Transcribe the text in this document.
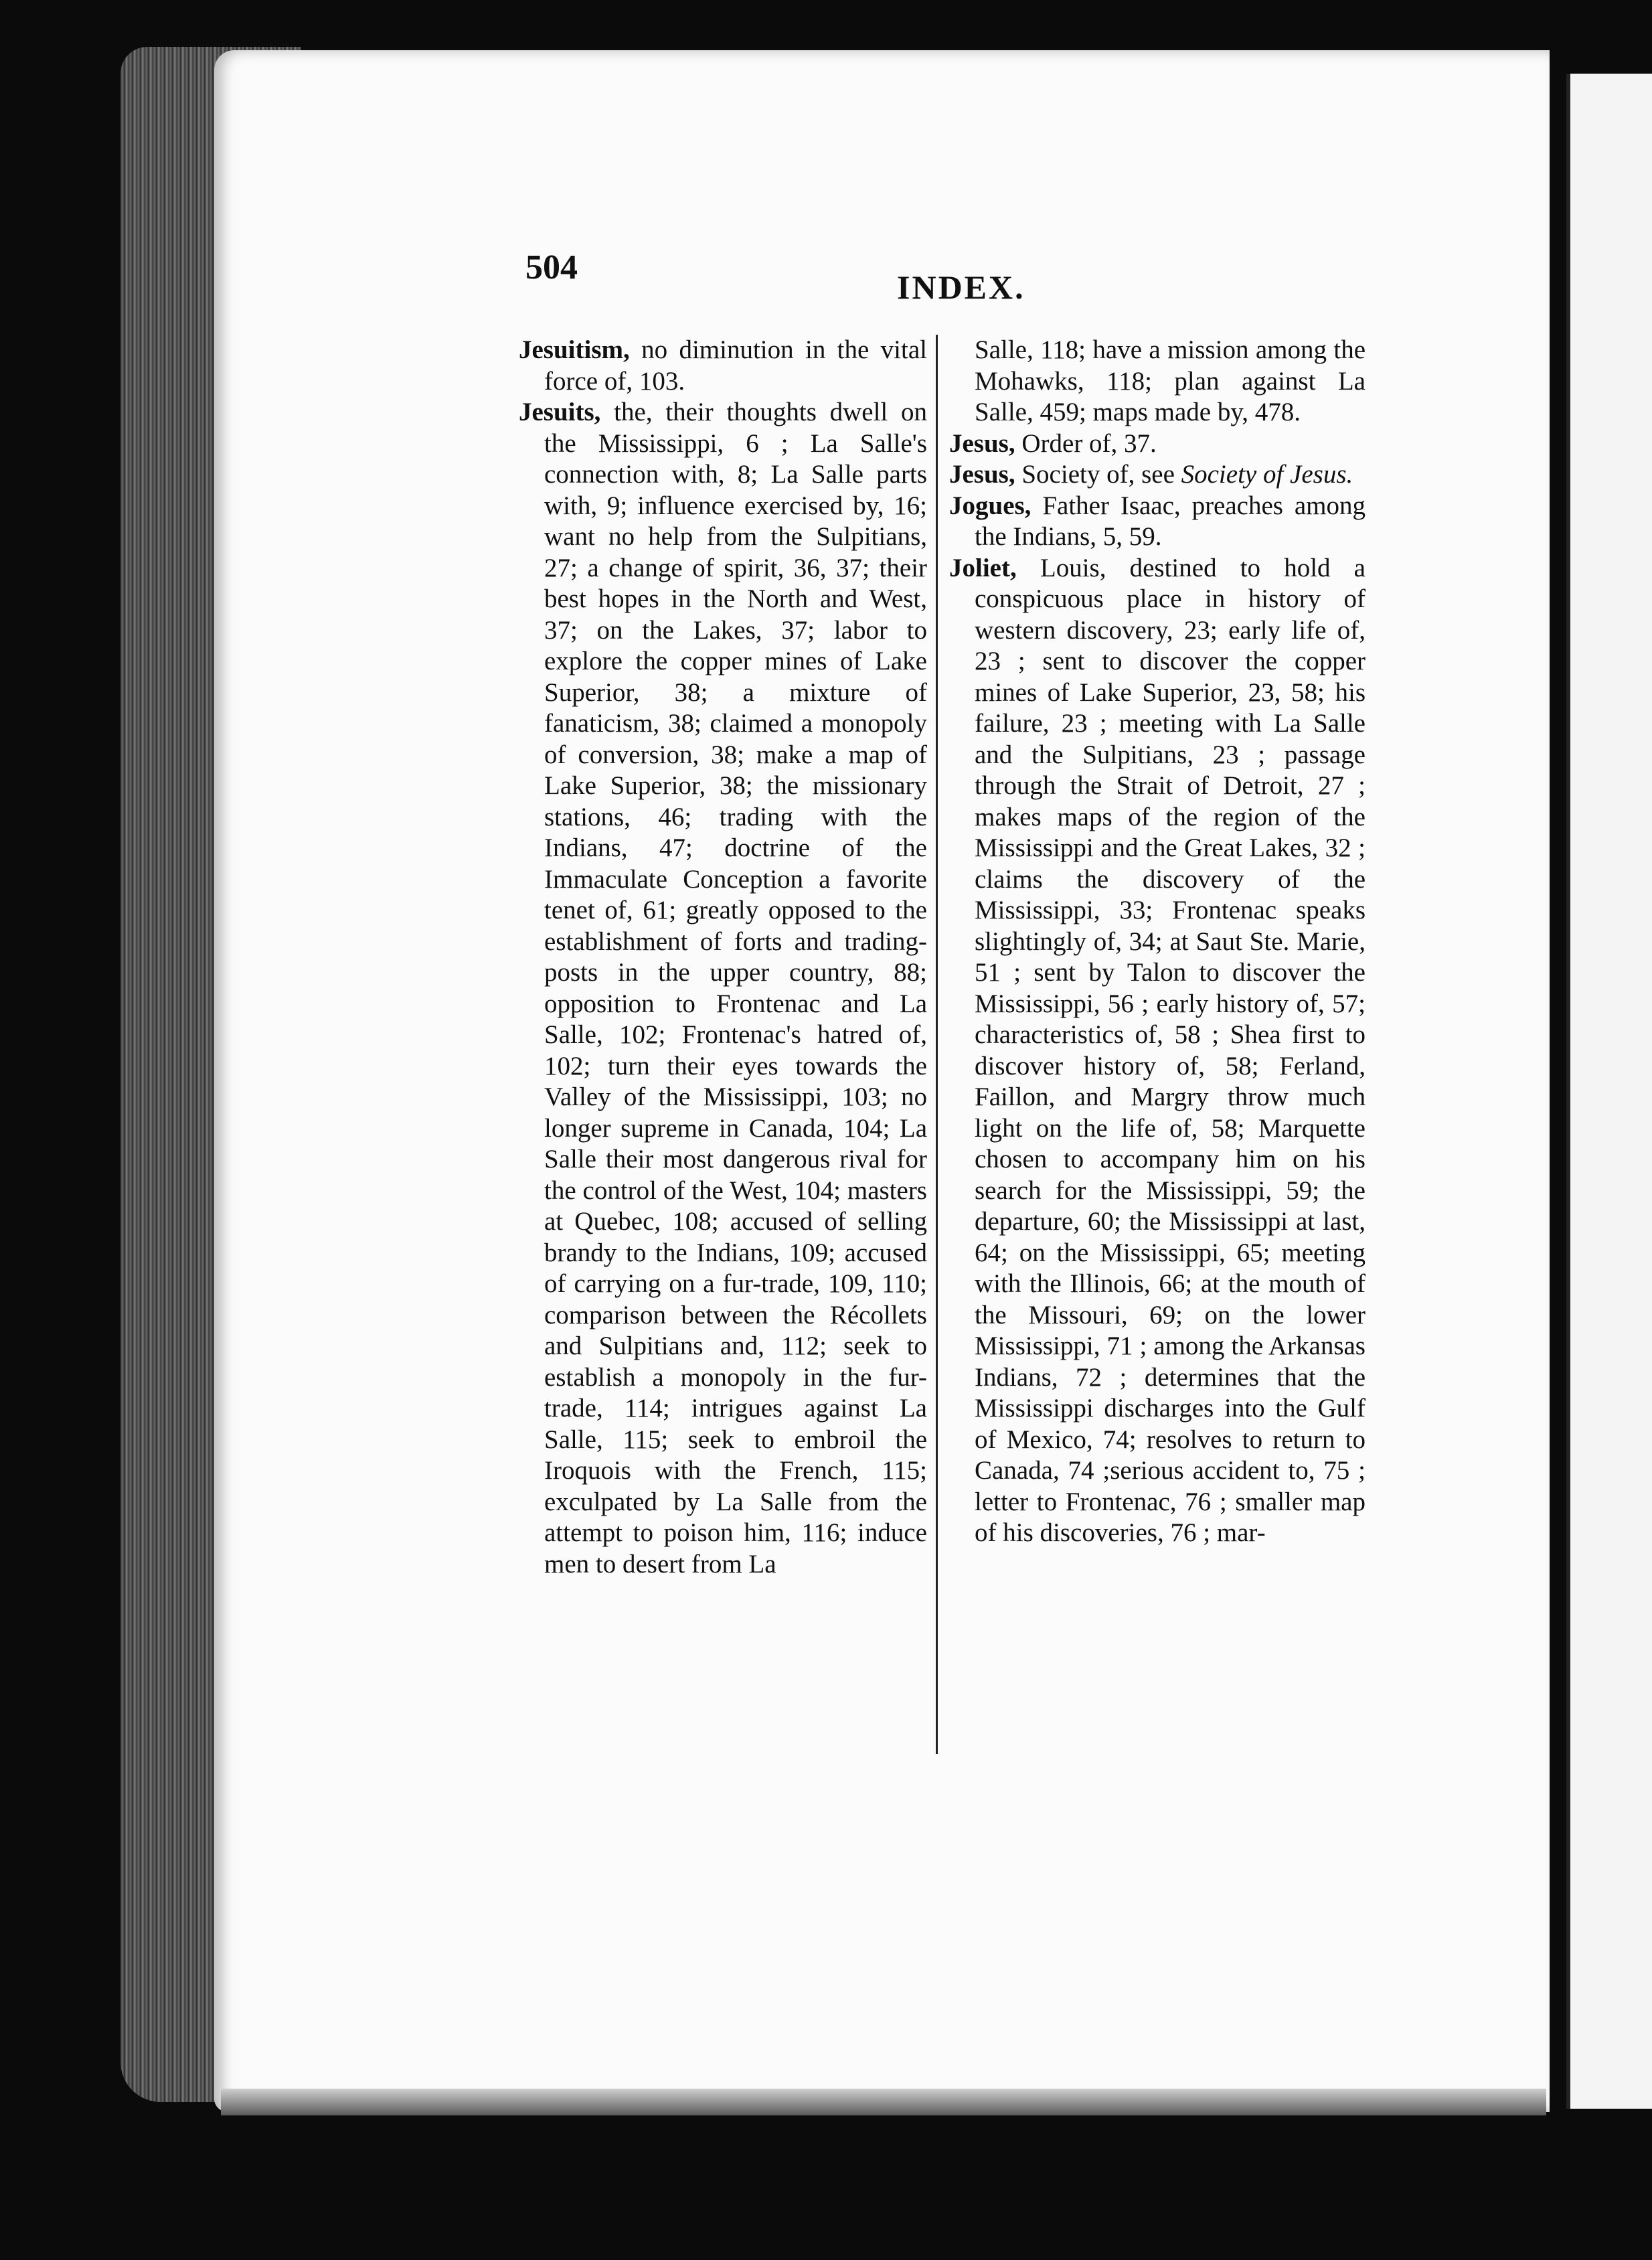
504
INDEX.

Jesuitism, no diminution in the vital force of, 103.

Jesuits, the, their thoughts dwell on the Mississippi, 6 ; La Salle's connection with, 8; La Salle parts with, 9; influence exercised by, 16; want no help from the Sulpitians, 27; a change of spirit, 36, 37; their best hopes in the North and West, 37; on the Lakes, 37; labor to explore the copper mines of Lake Superior, 38; a mixture of fanaticism, 38; claimed a monopoly of conversion, 38; make a map of Lake Superior, 38; the missionary stations, 46; trading with the Indians, 47; doctrine of the Immaculate Conception a favorite tenet of, 61; greatly opposed to the establishment of forts and trading-posts in the upper country, 88; opposition to Frontenac and La Salle, 102; Frontenac's hatred of, 102; turn their eyes towards the Valley of the Mississippi, 103; no longer supreme in Canada, 104; La Salle their most dangerous rival for the control of the West, 104; masters at Quebec, 108; accused of selling brandy to the Indians, 109; accused of carrying on a fur-trade, 109, 110; comparison between the Récollets and Sulpitians and, 112; seek to establish a monopoly in the fur-trade, 114; intrigues against La Salle, 115; seek to embroil the Iroquois with the French, 115; exculpated by La Salle from the attempt to poison him, 116; induce men to desert from La

Salle, 118; have a mission among the Mohawks, 118; plan against La Salle, 459; maps made by, 478.

Jesus, Order of, 37.

Jesus, Society of, see Society of Jesus.

Jogues, Father Isaac, preaches among the Indians, 5, 59.

Joliet, Louis, destined to hold a conspicuous place in history of western discovery, 23; early life of, 23 ; sent to discover the copper mines of Lake Superior, 23, 58; his failure, 23 ; meeting with La Salle and the Sulpitians, 23 ; passage through the Strait of Detroit, 27 ; makes maps of the region of the Mississippi and the Great Lakes, 32 ; claims the discovery of the Mississippi, 33; Frontenac speaks slightingly of, 34; at Saut Ste. Marie, 51 ; sent by Talon to discover the Mississippi, 56 ; early history of, 57; characteristics of, 58 ; Shea first to discover history of, 58; Ferland, Faillon, and Margry throw much light on the life of, 58; Marquette chosen to accompany him on his search for the Mississippi, 59; the departure, 60; the Mississippi at last, 64; on the Mississippi, 65; meeting with the Illinois, 66; at the mouth of the Missouri, 69; on the lower Mississippi, 71 ; among the Arkansas Indians, 72 ; determines that the Mississippi discharges into the Gulf of Mexico, 74; resolves to return to Canada, 74 ;serious accident to, 75 ; letter to Frontenac, 76 ; smaller map of his discoveries, 76 ; mar-
